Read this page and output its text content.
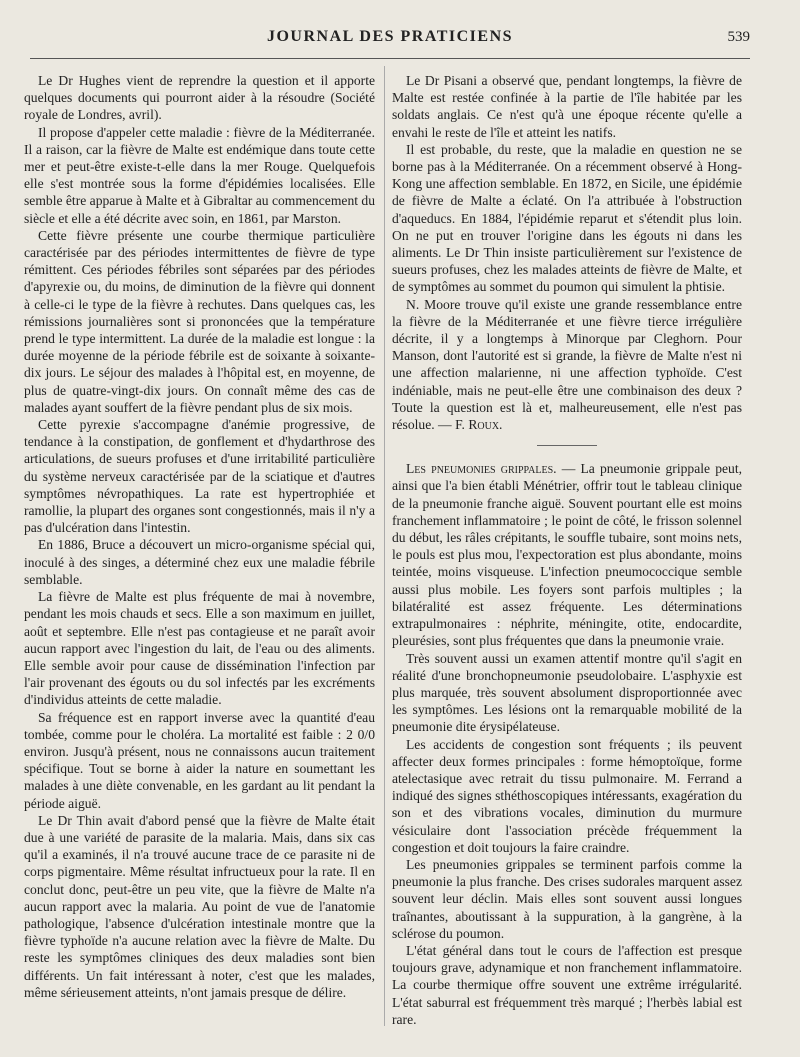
JOURNAL DES PRATICIENS	539

Le Dr Hughes vient de reprendre la question et il apporte quelques documents qui pourront aider à la résoudre (Société royale de Londres, avril).

Il propose d'appeler cette maladie : fièvre de la Méditerranée. Il a raison, car la fièvre de Malte est endémique dans toute cette mer et peut-être existe-t-elle dans la mer Rouge. Quelquefois elle s'est montrée sous la forme d'épidémies localisées. Elle semble être apparue à Malte et à Gibraltar au commencement du siècle et elle a été décrite avec soin, en 1861, par Marston.

Cette fièvre présente une courbe thermique particulière caractérisée par des périodes intermittentes de fièvre de type rémittent. Ces périodes fébriles sont séparées par des périodes d'apyrexie ou, du moins, de diminution de la fièvre qui donnent à celle-ci le type de la fièvre à rechutes. Dans quelques cas, les rémissions journalières sont si prononcées que la température prend le type intermittent. La durée de la maladie est longue : la durée moyenne de la période fébrile est de soixante à soixante-dix jours. Le séjour des malades à l'hôpital est, en moyenne, de plus de quatre-vingt-dix jours. On connaît même des cas de malades ayant souffert de la fièvre pendant plus de six mois.

Cette pyrexie s'accompagne d'anémie progressive, de tendance à la constipation, de gonflement et d'hydarthrose des articulations, de sueurs profuses et d'une irritabilité particulière du système nerveux caractérisée par de la sciatique et d'autres symptômes névropathiques. La rate est hypertrophiée et ramollie, la plupart des organes sont congestionnés, mais il n'y a pas d'ulcération dans l'intestin.

En 1886, Bruce a découvert un micro-organisme spécial qui, inoculé à des singes, a déterminé chez eux une maladie fébrile semblable.

La fièvre de Malte est plus fréquente de mai à novembre, pendant les mois chauds et secs. Elle a son maximum en juillet, août et septembre. Elle n'est pas contagieuse et ne paraît avoir aucun rapport avec l'ingestion du lait, de l'eau ou des aliments. Elle semble avoir pour cause de dissémination l'infection par l'air provenant des égouts ou du sol infectés par les excréments d'individus atteints de cette maladie.

Sa fréquence est en rapport inverse avec la quantité d'eau tombée, comme pour le choléra. La mortalité est faible : 2 0/0 environ. Jusqu'à présent, nous ne connaissons aucun traitement spécifique. Tout se borne à aider la nature en soumettant les malades à une diète convenable, en les gardant au lit pendant la période aiguë.

Le Dr Thin avait d'abord pensé que la fièvre de Malte était due à une variété de parasite de la malaria. Mais, dans six cas qu'il a examinés, il n'a trouvé aucune trace de ce parasite ni de corps pigmentaire. Même résultat infructueux pour la rate. Il en conclut donc, peut-être un peu vite, que la fièvre de Malte n'a aucun rapport avec la malaria. Au point de vue de l'anatomie pathologique, l'absence d'ulcération intestinale montre que la fièvre typhoïde n'a aucune relation avec la fièvre de Malte. Du reste les symptômes cliniques des deux maladies sont bien différents. Un fait intéressant à noter, c'est que les malades, même sérieusement atteints, n'ont jamais presque de délire.

Le Dr Pisani a observé que, pendant longtemps, la fièvre de Malte est restée confinée à la partie de l'île habitée par les soldats anglais. Ce n'est qu'à une époque récente qu'elle a envahi le reste de l'île et atteint les natifs.

Il est probable, du reste, que la maladie en question ne se borne pas à la Méditerranée. On a récemment observé à Hong-Kong une affection semblable. En 1872, en Sicile, une épidémie de fièvre de Malte a éclaté. On l'a attribuée à l'obstruction d'aqueducs. En 1884, l'épidémie reparut et s'étendit plus loin. On ne put en trouver l'origine dans les égouts ni dans les aliments. Le Dr Thin insiste particulièrement sur l'existence de sueurs profuses, chez les malades atteints de fièvre de Malte, et de symptômes au sommet du poumon qui simulent la phtisie.

N. Moore trouve qu'il existe une grande ressemblance entre la fièvre de la Méditerranée et une fièvre tierce irrégulière décrite, il y a longtemps à Minorque par Cleghorn. Pour Manson, dont l'autorité est si grande, la fièvre de Malte n'est ni une affection malarienne, ni une affection typhoïde. C'est indéniable, mais ne peut-elle être une combinaison des deux ? Toute la question est là et, malheureusement, elle n'est pas résolue. — F. Roux.

Les pneumonies grippales. — La pneumonie grippale peut, ainsi que l'a bien établi Ménétrier, offrir tout le tableau clinique de la pneumonie franche aiguë. Souvent pourtant elle est moins franchement inflammatoire ; le point de côté, le frisson solennel du début, les râles crépitants, le souffle tubaire, sont moins nets, le pouls est plus mou, l'expectoration est plus abondante, moins teintée, moins visqueuse. L'infection pneumococcique semble aussi plus mobile. Les foyers sont parfois multiples ; la bilatéralité est assez fréquente. Les déterminations extrapulmonaires : néphrite, méningite, otite, endocardite, pleurésies, sont plus fréquentes que dans la pneumonie vraie.

Très souvent aussi un examen attentif montre qu'il s'agit en réalité d'une bronchopneumonie pseudolobaire. L'asphyxie est plus marquée, très souvent absolument disproportionnée avec les symptômes. Les lésions ont la remarquable mobilité de la pneumonie dite érysipélateuse.

Les accidents de congestion sont fréquents ; ils peuvent affecter deux formes principales : forme hémoptoïque, forme atelectasique avec retrait du tissu pulmonaire. M. Ferrand a indiqué des signes sthéthoscopiques intéressants, exagération du son et des vibrations vocales, diminution du murmure vésiculaire dont l'association précède fréquemment la congestion et doit toujours la faire craindre.

Les pneumonies grippales se terminent parfois comme la pneumonie la plus franche. Des crises sudorales marquent assez souvent leur déclin. Mais elles sont souvent aussi longues traînantes, aboutissant à la suppuration, à la gangrène, à la sclérose du poumon.

L'état général dans tout le cours de l'affection est presque toujours grave, adynamique et non franchement inflammatoire. La courbe thermique offre souvent une extrême irrégularité. L'état saburral est fréquemment très marqué ; l'herbès labial est rare.
